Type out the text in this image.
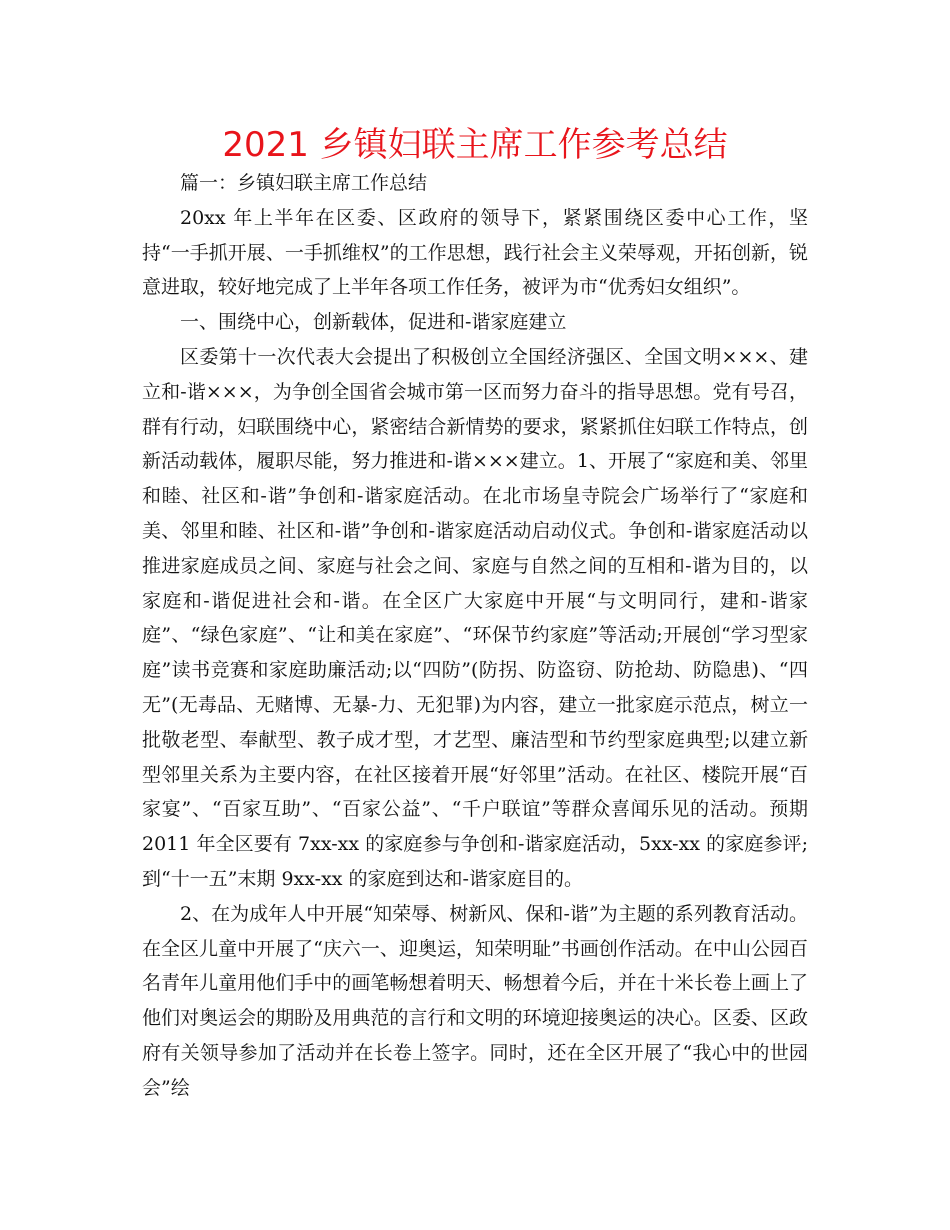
2021 乡镇妇联主席工作参考总结

篇一：乡镇妇联主席工作总结

20xx 年上半年在区委、区政府的领导下，紧紧围绕区委中心工作，坚持“一手抓开展、一手抓维权”的工作思想，践行社会主义荣辱观，开拓创新，锐意进取，较好地完成了上半年各项工作任务，被评为市“优秀妇女组织”。

一、围绕中心，创新载体，促进和-谐家庭建立

区委第十一次代表大会提出了积极创立全国经济强区、全国文明×××、建立和-谐×××，为争创全国省会城市第一区而努力奋斗的指导思想。党有号召，群有行动，妇联围绕中心，紧密结合新情势的要求，紧紧抓住妇联工作特点，创新活动载体，履职尽能，努力推进和-谐×××建立。1、开展了“家庭和美、邻里和睦、社区和-谐”争创和-谐家庭活动。在北市场皇寺院会广场举行了“家庭和美、邻里和睦、社区和-谐”争创和-谐家庭活动启动仪式。争创和-谐家庭活动以推进家庭成员之间、家庭与社会之间、家庭与自然之间的互相和-谐为目的，以家庭和-谐促进社会和-谐。在全区广大家庭中开展“与文明同行，建和-谐家庭”、“绿色家庭”、“让和美在家庭”、“环保节约家庭”等活动;开展创“学习型家庭”读书竞赛和家庭助廉活动;以“四防”(防拐、防盗窃、防抢劫、防隐患)、“四无”(无毒品、无赌博、无暴-力、无犯罪)为内容，建立一批家庭示范点，树立一批敬老型、奉献型、教子成才型，才艺型、廉洁型和节约型家庭典型;以建立新型邻里关系为主要内容，在社区接着开展“好邻里”活动。在社区、楼院开展“百家宴”、“百家互助”、“百家公益”、“千户联谊”等群众喜闻乐见的活动。预期 2011 年全区要有 7xx-xx 的家庭参与争创和-谐家庭活动，5xx-xx 的家庭参评;到“十一五”末期 9xx-xx 的家庭到达和-谐家庭目的。

2、在为成年人中开展“知荣辱、树新风、保和-谐”为主题的系列教育活动。在全区儿童中开展了“庆六一、迎奥运，知荣明耻”书画创作活动。在中山公园百名青年儿童用他们手中的画笔畅想着明天、畅想着今后，并在十米长卷上画上了他们对奥运会的期盼及用典范的言行和文明的环境迎接奥运的决心。区委、区政府有关领导参加了活动并在长卷上签字。同时，还在全区开展了“我心中的世园会”绘
